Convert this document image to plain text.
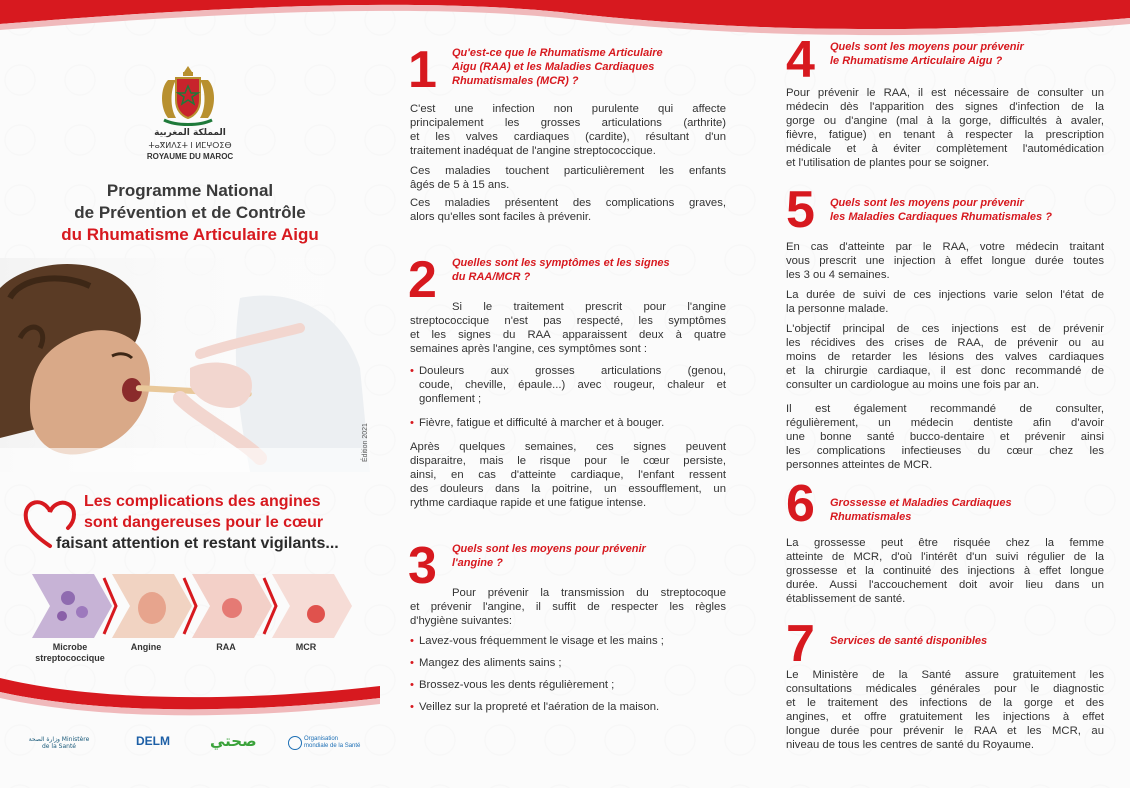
المملكة المغربية
ⵜⴰⴳⵍⴷⵉⵜ ⵏ ⵍⵎⵖⵔⵉⴱ
ROYAUME DU MAROC
Programme National
de Prévention et de Contrôle
du Rhumatisme Articulaire Aigu
Édition 2021
Les complications des angines
sont dangereuses pour le cœur
faisant attention et restant vigilants...
Microbe streptococcique
Angine	RAA	MCR
وزارة الصحة Ministère de la Santé	DELM	صحتي	Organisation mondiale de la Santé
1 Qu'est-ce que le Rhumatisme Articulaire
Aigu (RAA) et les Maladies Cardiaques
Rhumatismales (MCR) ?
C'est une infection non purulente qui affecte
principalement les grosses articulations (arthrite)
et les valves cardiaques (cardite), résultant d'un
traitement inadéquat de l'angine streptococcique.
Ces maladies touchent particulièrement les enfants
âgés de 5 à 15 ans.
Ces maladies présentent des complications graves,
alors qu'elles sont faciles à prévenir.
2 Quelles sont les symptômes et les signes
du RAA/MCR ?
Si le traitement prescrit pour l'angine
streptococcique n'est pas respecté, les symptômes
et les signes du RAA apparaissent deux à quatre
semaines après l'angine, ces symptômes sont :
• Douleurs aux grosses articulations (genou,
coude, cheville, épaule...) avec rougeur, chaleur et
gonflement ;
• Fièvre, fatigue et difficulté à marcher et à bouger.
Après quelques semaines, ces signes peuvent
disparaitre, mais le risque pour le cœur persiste,
ainsi, en cas d'atteinte cardiaque, l'enfant ressent
des douleurs dans la poitrine, un essoufflement, un
rythme cardiaque rapide et une fatigue intense.
3 Quels sont les moyens pour prévenir
l'angine ?
Pour prévenir la transmission du streptocoque
et prévenir l'angine, il suffit de respecter les règles
d'hygiène suivantes:
• Lavez-vous fréquemment le visage et les mains ;
• Mangez des aliments sains ;
• Brossez-vous les dents régulièrement ;
• Veillez sur la propreté et l'aération de la maison.
4 Quels sont les moyens pour prévenir
le Rhumatisme Articulaire Aigu ?
Pour prévenir le RAA, il est nécessaire de consulter un
médecin dès l'apparition des signes d'infection de la
gorge ou d'angine (mal à la gorge, difficultés à avaler,
fièvre, fatigue) en tenant à respecter la prescription
médicale et à éviter complètement l'automédication
et l'utilisation de plantes pour se soigner.
5 Quels sont les moyens pour prévenir
les Maladies Cardiaques Rhumatismales ?
En cas d'atteinte par le RAA, votre médecin traitant
vous prescrit une injection à effet longue durée toutes
les 3 ou 4 semaines.
La durée de suivi de ces injections varie selon l'état de
la personne malade.
L'objectif principal de ces injections est de prévenir
les récidives des crises de RAA, de prévenir ou au
moins de retarder les lésions des valves cardiaques
et la chirurgie cardiaque, il est donc recommandé de
consulter un cardiologue au moins une fois par an.
Il est également recommandé de consulter,
régulièrement, un médecin dentiste afin d'avoir
une bonne santé bucco-dentaire et prévenir ainsi
les complications infectieuses du cœur chez les
personnes atteintes de MCR.
6 Grossesse et Maladies Cardiaques
Rhumatismales
La grossesse peut être risquée chez la femme
atteinte de MCR, d'où l'intérêt d'un suivi régulier de la
grossesse et la continuité des injections à effet longue
durée. Aussi l'accouchement doit avoir lieu dans un
établissement de santé.
7 Services de santé disponibles
Le Ministère de la Santé assure gratuitement les
consultations médicales générales pour le diagnostic
et le traitement des infections de la gorge et des
angines, et offre gratuitement les injections à effet
longue durée pour prévenir le RAA et les MCR, au
niveau de tous les centres de santé du Royaume.
